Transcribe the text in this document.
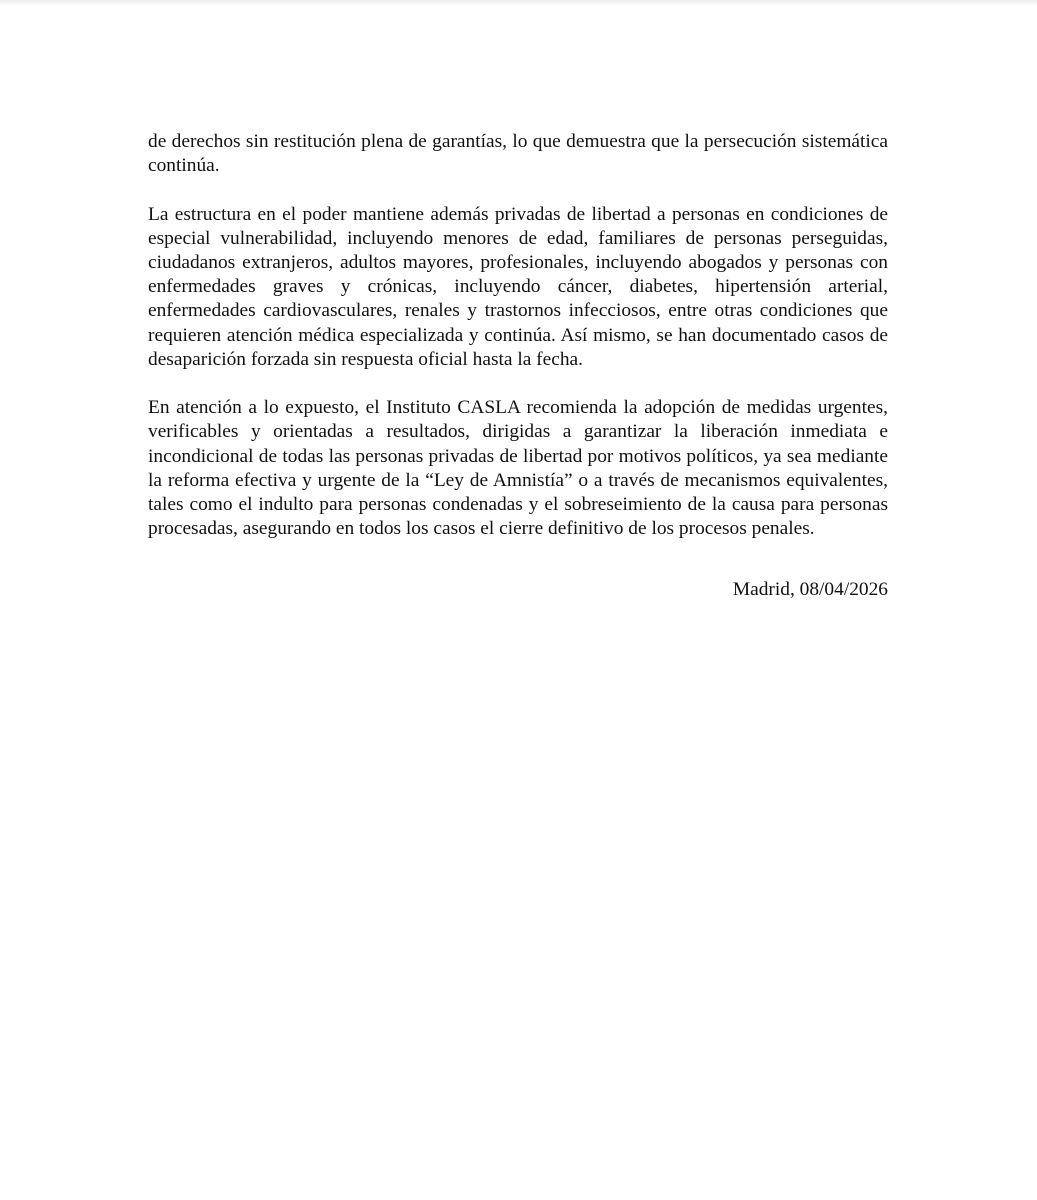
de derechos sin restitución plena de garantías, lo que demuestra que la persecución sistemática continúa.

La estructura en el poder mantiene además privadas de libertad a personas en condiciones de especial vulnerabilidad, incluyendo menores de edad, familiares de personas perseguidas, ciudadanos extranjeros, adultos mayores, profesionales, incluyendo abogados y personas con enfermedades graves y crónicas, incluyendo cáncer, diabetes, hipertensión arterial, enfermedades cardiovasculares, renales y trastornos infecciosos, entre otras condiciones que requieren atención médica especializada y continúa. Así mismo, se han documentado casos de desaparición forzada sin respuesta oficial hasta la fecha.

En atención a lo expuesto, el Instituto CASLA recomienda la adopción de medidas urgentes, verificables y orientadas a resultados, dirigidas a garantizar la liberación inmediata e incondicional de todas las personas privadas de libertad por motivos políticos, ya sea mediante la reforma efectiva y urgente de la “Ley de Amnistía” o a través de mecanismos equivalentes, tales como el indulto para personas condenadas y el sobreseimiento de la causa para personas procesadas, asegurando en todos los casos el cierre definitivo de los procesos penales.

Madrid, 08/04/2026
